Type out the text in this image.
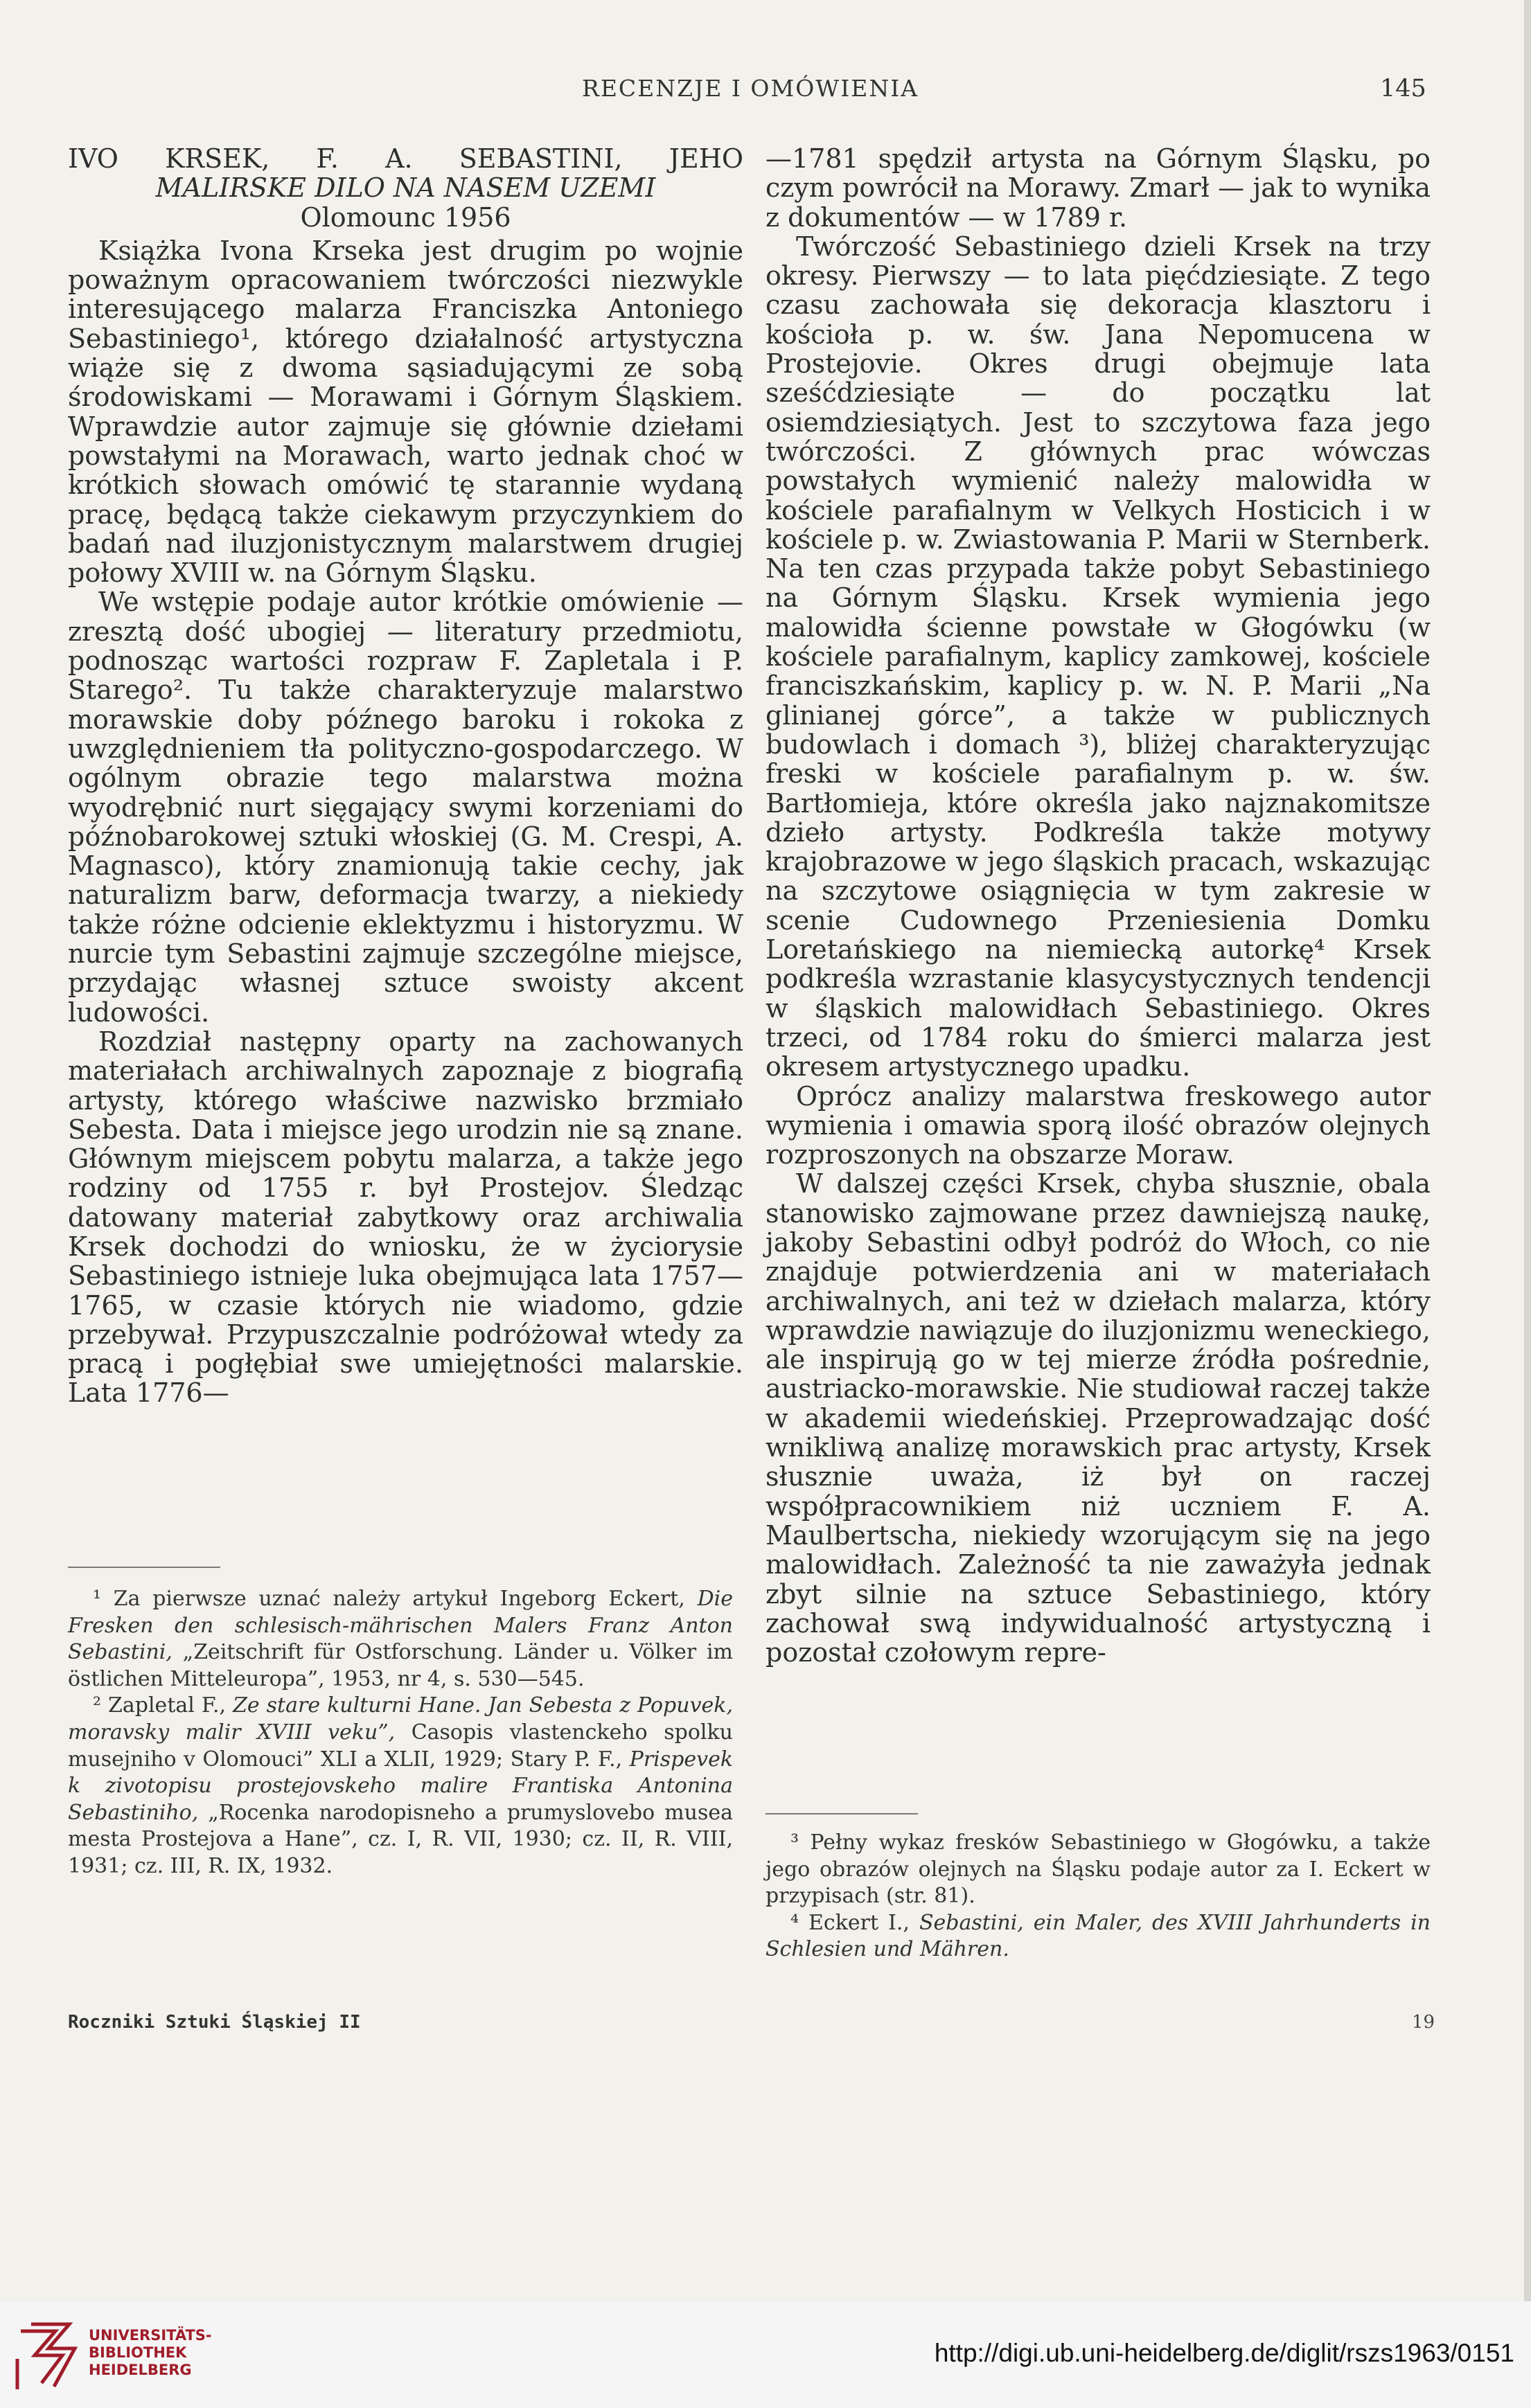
RECENZJE I OMÓWIENIA	145
IVO KRSEK, F. A. SEBASTINI, JEHO
MALIRSKE DILO NA NASEM UZEMI
Olomounc 1956

Książka Ivona Krseka jest drugim po wojnie poważnym opracowaniem twórczości niezwykle interesującego malarza Franciszka Antoniego Sebastiniego¹, którego działalność artystyczna wiąże się z dwoma sąsiadującymi ze sobą środowiskami — Morawami i Górnym Śląskiem. Wprawdzie autor zajmuje się głównie dziełami powstałymi na Morawach, warto jednak choć w krótkich słowach omówić tę starannie wydaną pracę, będącą także ciekawym przyczynkiem do badań nad iluzjonistycznym malarstwem drugiej połowy XVIII w. na Górnym Śląsku.

We wstępie podaje autor krótkie omówienie — zresztą dość ubogiej — literatury przedmiotu, podnosząc wartości rozpraw F. Zapletala i P. Starego². Tu także charakteryzuje malarstwo morawskie doby późnego baroku i rokoka z uwzględnieniem tła polityczno-gospodarczego. W ogólnym obrazie tego malarstwa można wyodrębnić nurt sięgający swymi korzeniami do późnobarokowej sztuki włoskiej (G. M. Crespi, A. Magnasco), który znamionują takie cechy, jak naturalizm barw, deformacja twarzy, a niekiedy także różne odcienie eklektyzmu i historyzmu. W nurcie tym Sebastini zajmuje szczególne miejsce, przydając własnej sztuce swoisty akcent ludowości.

Rozdział następny oparty na zachowanych materiałach archiwalnych zapoznaje z biografią artysty, którego właściwe nazwisko brzmiało Sebesta. Data i miejsce jego urodzin nie są znane. Głównym miejscem pobytu malarza, a także jego rodziny od 1755 r. był Prostejov. Śledząc datowany materiał zabytkowy oraz archiwalia Krsek dochodzi do wniosku, że w życiorysie Sebastiniego istnieje luka obejmująca lata 1757—1765, w czasie których nie wiadomo, gdzie przebywał. Przypuszczalnie podróżował wtedy za pracą i pogłębiał swe umiejętności malarskie. Lata 1776—

—1781 spędził artysta na Górnym Śląsku, po czym powrócił na Morawy. Zmarł — jak to wynika z dokumentów — w 1789 r.

Twórczość Sebastiniego dzieli Krsek na trzy okresy. Pierwszy — to lata pięćdziesiąte. Z tego czasu zachowała się dekoracja klasztoru i kościoła p. w. św. Jana Nepomucena w Prostejovie. Okres drugi obejmuje lata sześćdziesiąte — do początku lat osiemdziesiątych. Jest to szczytowa faza jego twórczości. Z głównych prac wówczas powstałych wymienić należy malowidła w kościele parafialnym w Velkych Hosticich i w kościele p. w. Zwiastowania P. Marii w Sternberk. Na ten czas przypada także pobyt Sebastiniego na Górnym Śląsku. Krsek wymienia jego malowidła ścienne powstałe w Głogówku (w kościele parafialnym, kaplicy zamkowej, kościele franciszkańskim, kaplicy p. w. N. P. Marii „Na glinianej górce”, a także w publicznych budowlach i domach ³), bliżej charakteryzując freski w kościele parafialnym p. w. św. Bartłomieja, które określa jako najznakomitsze dzieło artysty. Podkreśla także motywy krajobrazowe w jego śląskich pracach, wskazując na szczytowe osiągnięcia w tym zakresie w scenie Cudownego Przeniesienia Domku Loretańskiego na niemiecką autorkę⁴ Krsek podkreśla wzrastanie klasycystycznych tendencji w śląskich malowidłach Sebastiniego. Okres trzeci, od 1784 roku do śmierci malarza jest okresem artystycznego upadku.

Oprócz analizy malarstwa freskowego autor wymienia i omawia sporą ilość obrazów olejnych rozproszonych na obszarze Moraw.

W dalszej części Krsek, chyba słusznie, obala stanowisko zajmowane przez dawniejszą naukę, jakoby Sebastini odbył podróż do Włoch, co nie znajduje potwierdzenia ani w materiałach archiwalnych, ani też w dziełach malarza, który wprawdzie nawiązuje do iluzjonizmu weneckiego, ale inspirują go w tej mierze źródła pośrednie, austriacko-morawskie. Nie studiował raczej także w akademii wiedeńskiej. Przeprowadzając dość wnikliwą analizę morawskich prac artysty, Krsek słusznie uważa, iż był on raczej współpracownikiem niż uczniem F. A. Maulbertscha, niekiedy wzorującym się na jego malowidłach. Zależność ta nie zaważyła jednak zbyt silnie na sztuce Sebastiniego, który zachował swą indywidualność artystyczną i pozostał czołowym repre-

¹ Za pierwsze uznać należy artykuł Ingeborg Eckert, Die Fresken den schlesisch-mährischen Malers Franz Anton Sebastini, „Zeitschrift für Ostforschung. Länder u. Völker im östlichen Mitteleuropa”, 1953, nr 4, s. 530—545.

² Zapletal F., Ze stare kulturni Hane. Jan Sebesta z Popuvek, moravsky malir XVIII veku”, Casopis vlastenckeho spolku musejniho v Olomouci” XLI a XLII, 1929; Stary P. F., Prispevek k zivotopisu prostejovskeho malire Frantiska Antonina Sebastiniho, „Rocenka narodopisneho a prumyslovebo musea mesta Prostejova a Hane”, cz. I, R. VII, 1930; cz. II, R. VIII, 1931; cz. III, R. IX, 1932.

³ Pełny wykaz fresków Sebastiniego w Głogówku, a także jego obrazów olejnych na Śląsku podaje autor za I. Eckert w przypisach (str. 81).

⁴ Eckert I., Sebastini, ein Maler, des XVIII Jahrhunderts in Schlesien und Mähren.

Roczniki Sztuki Śląskiej II	19
UNIVERSITÄTS-
BIBLIOTHEK
HEIDELBERG
http://digi.ub.uni-heidelberg.de/diglit/rszs1963/0151
